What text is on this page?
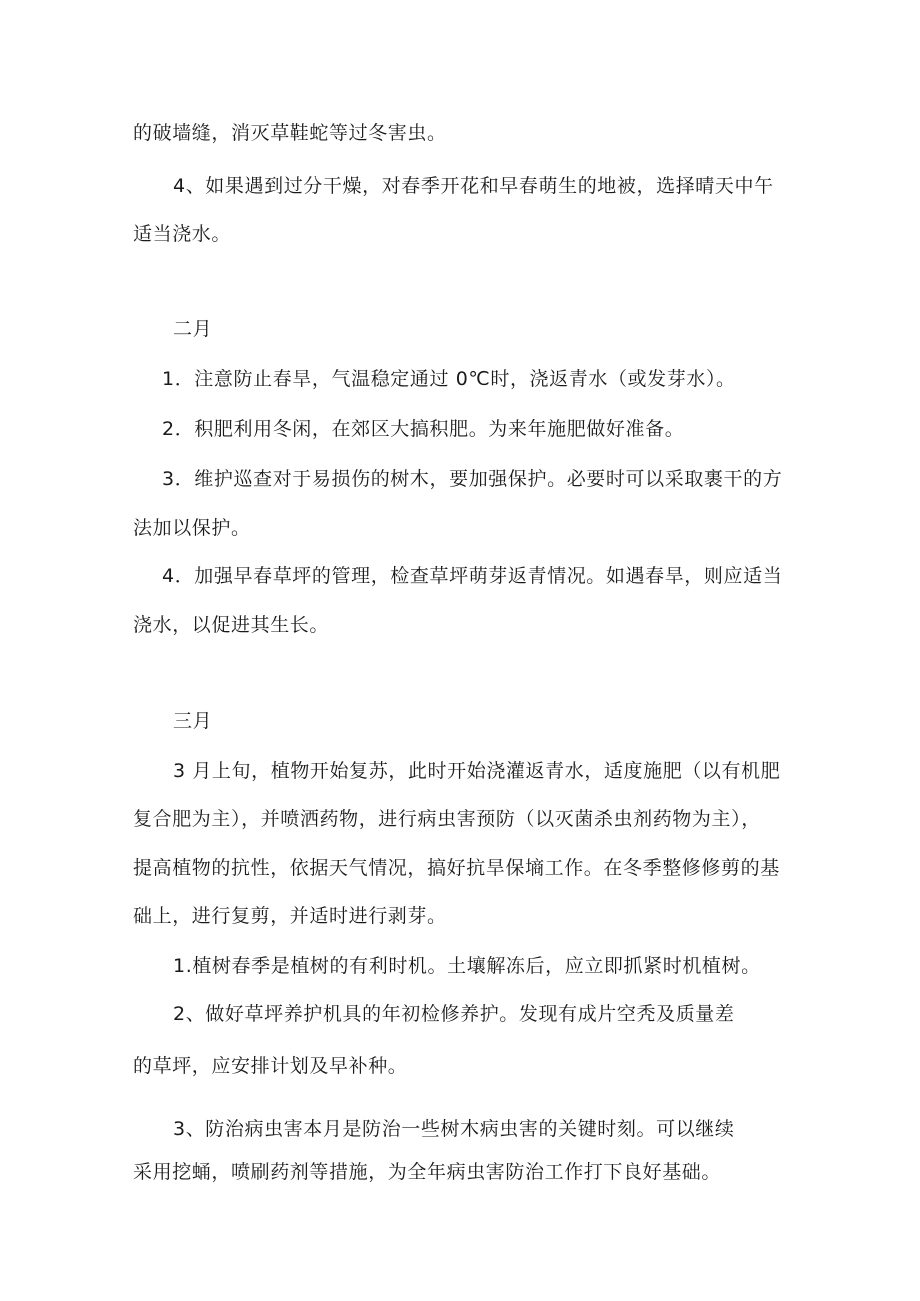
的破墙缝，消灭草鞋蛇等过冬害虫。
4、如果遇到过分干燥，对春季开花和早春萌生的地被，选择晴天中午
适当浇水。
二月
1．注意防止春旱，气温稳定通过 0℃时，浇返青水（或发芽水）。
2．积肥利用冬闲，在郊区大搞积肥。为来年施肥做好准备。
3．维护巡查对于易损伤的树木，要加强保护。必要时可以采取裹干的方
法加以保护。
4．加强早春草坪的管理，检查草坪萌芽返青情况。如遇春旱，则应适当
浇水，以促进其生长。
三月
3 月上旬，植物开始复苏，此时开始浇灌返青水，适度施肥（以有机肥
复合肥为主），并喷洒药物，进行病虫害预防（以灭菌杀虫剂药物为主），
提高植物的抗性，依据天气情况，搞好抗旱保墒工作。在冬季整修修剪的基
础上，进行复剪，并适时进行剥芽。
1.植树春季是植树的有利时机。土壤解冻后，应立即抓紧时机植树。
2、做好草坪养护机具的年初检修养护。发现有成片空秃及质量差
的草坪，应安排计划及早补种。
3、防治病虫害本月是防治一些树木病虫害的关键时刻。可以继续
采用挖蛹，喷刷药剂等措施，为全年病虫害防治工作打下良好基础。
